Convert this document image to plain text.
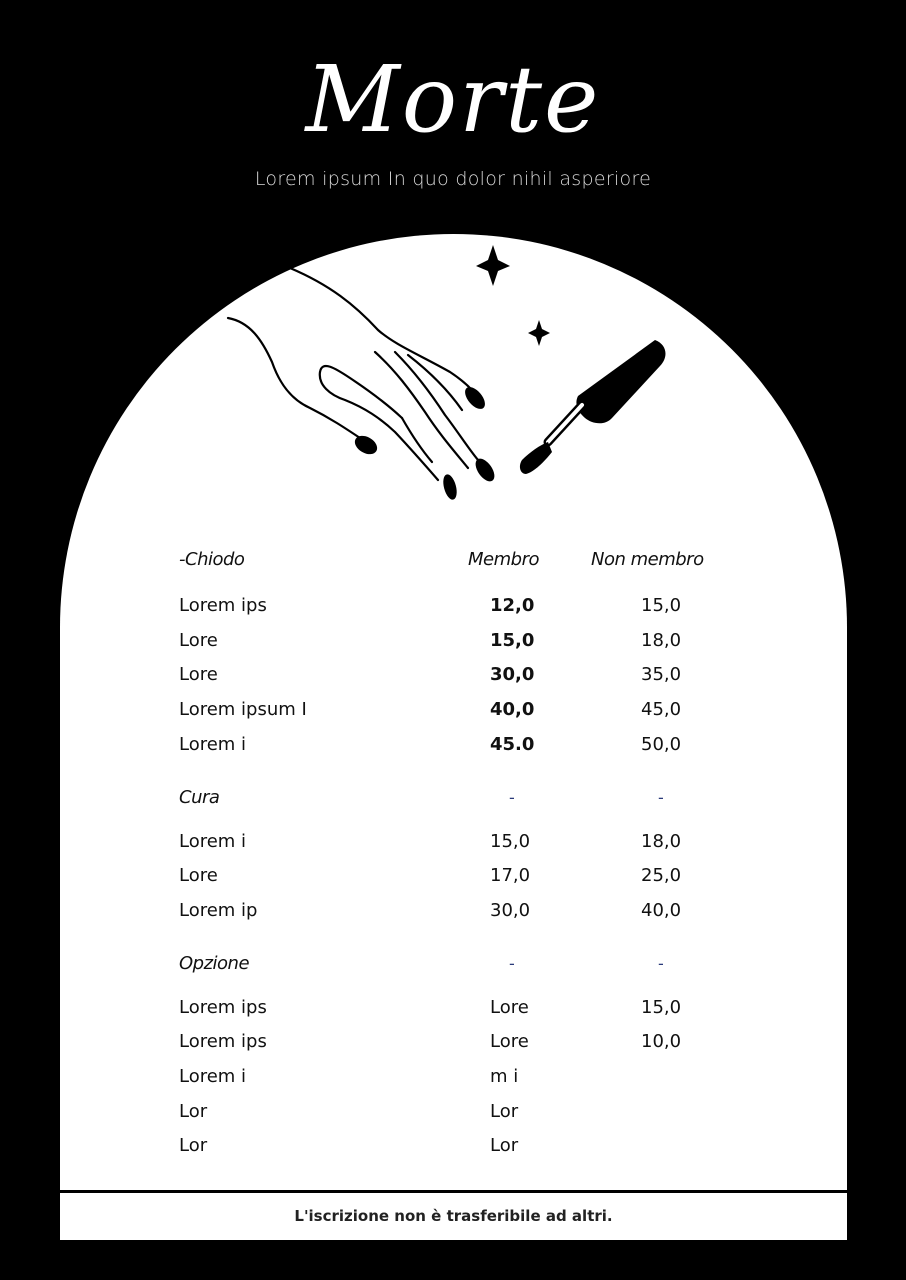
Morte
Lorem ipsum In quo dolor nihil asperiore
-Chiodo	Membro	Non membro
Lorem ips	12,0	15,0
Lore	15,0	18,0
Lore	30,0	35,0
Lorem ipsum I	40,0	45,0
Lorem i	45.0	50,0
Cura	-	-
Lorem i	15,0	18,0
Lore	17,0	25,0
Lorem ip	30,0	40,0
Opzione	-	-
Lorem ips	Lore	15,0
Lorem ips	Lore	10,0
Lorem i	m i
Lor	Lor
Lor	Lor
L'iscrizione non è trasferibile ad altri.
